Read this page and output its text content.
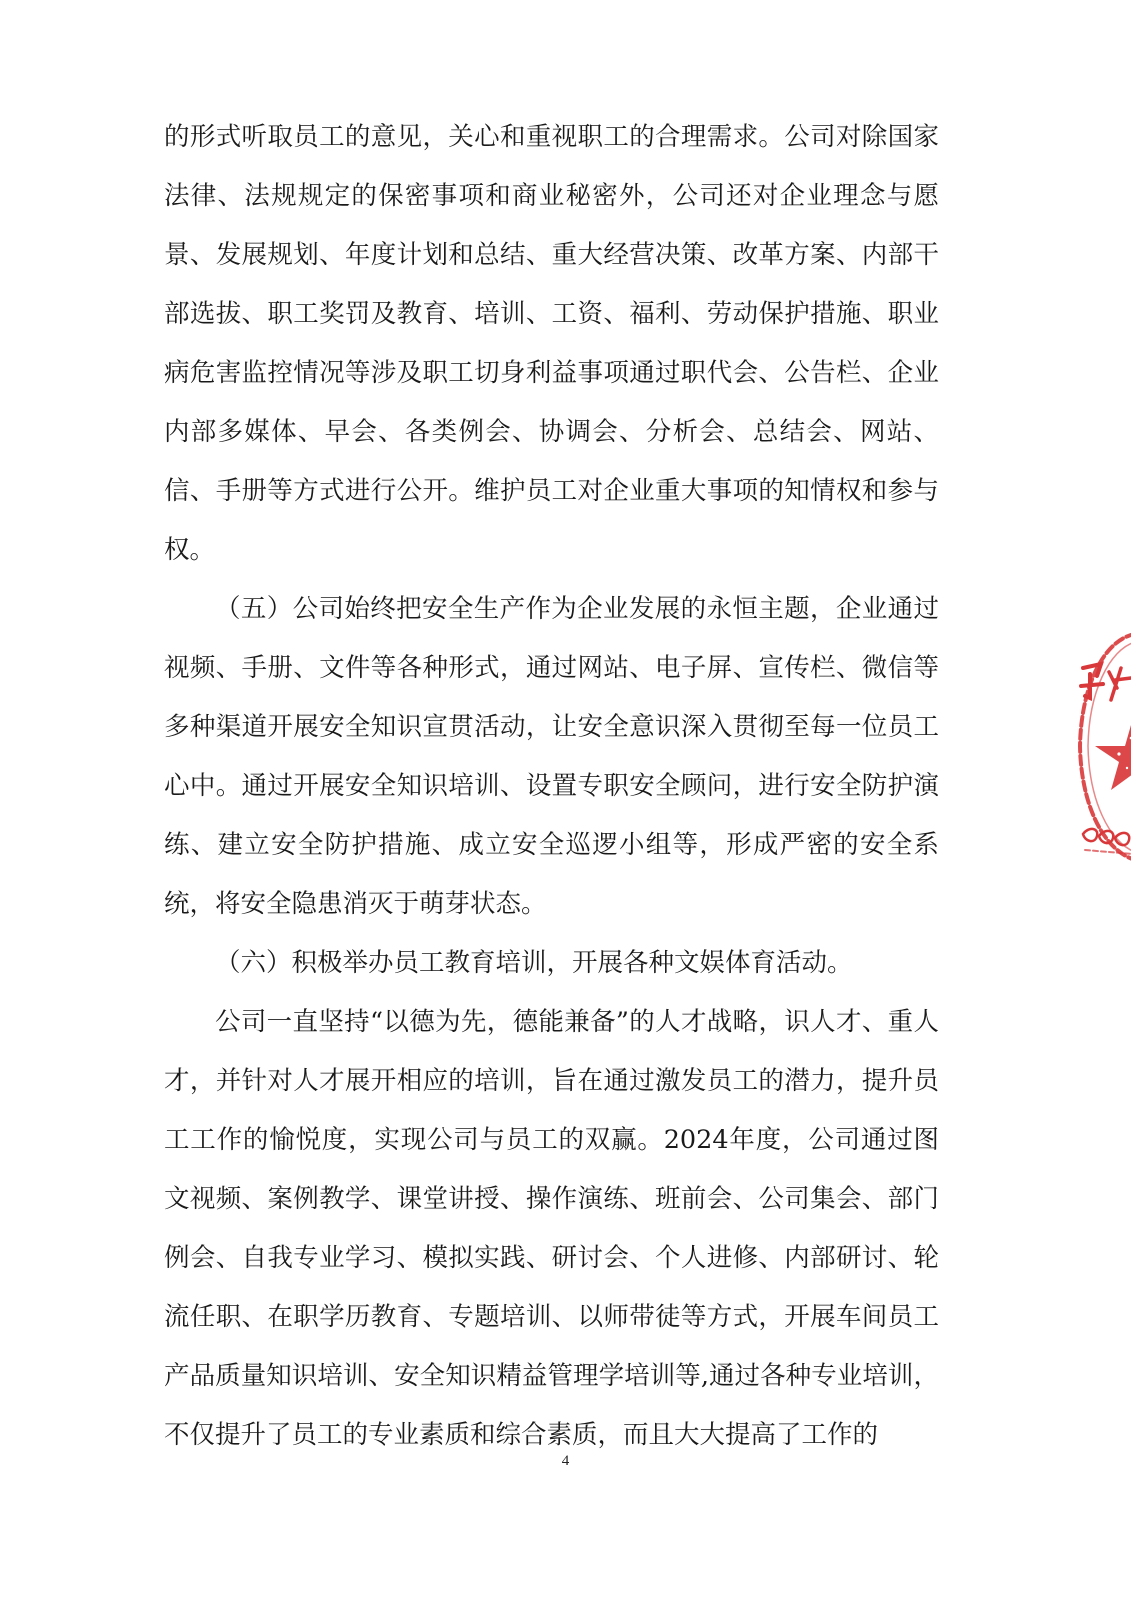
的形式听取员工的意见，关心和重视职工的合理需求。公司对除国家法律、法规规定的保密事项和商业秘密外，公司还对企业理念与愿景、发展规划、年度计划和总结、重大经营决策、改革方案、内部干部选拔、职工奖罚及教育、培训、工资、福利、劳动保护措施、职业病危害监控情况等涉及职工切身利益事项通过职代会、公告栏、企业内部多媒体、早会、各类例会、协调会、分析会、总结会、网站、信、手册等方式进行公开。维护员工对企业重大事项的知情权和参与权。

（五）公司始终把安全生产作为企业发展的永恒主题，企业通过视频、手册、文件等各种形式，通过网站、电子屏、宣传栏、微信等多种渠道开展安全知识宣贯活动，让安全意识深入贯彻至每一位员工心中。通过开展安全知识培训、设置专职安全顾问，进行安全防护演练、建立安全防护措施、成立安全巡逻小组等，形成严密的安全系统，将安全隐患消灭于萌芽状态。

（六）积极举办员工教育培训，开展各种文娱体育活动。

公司一直坚持“以德为先，德能兼备”的人才战略，识人才、重人才，并针对人才展开相应的培训，旨在通过激发员工的潜力，提升员工工作的愉悦度，实现公司与员工的双赢。2024年度，公司通过图文视频、案例教学、课堂讲授、操作演练、班前会、公司集会、部门例会、自我专业学习、模拟实践、研讨会、个人进修、内部研讨、轮流任职、在职学历教育、专题培训、以师带徒等方式，开展车间员工产品质量知识培训、安全知识精益管理学培训等,通过各种专业培训，不仅提升了员工的专业素质和综合素质，而且大大提高了工作的

4
